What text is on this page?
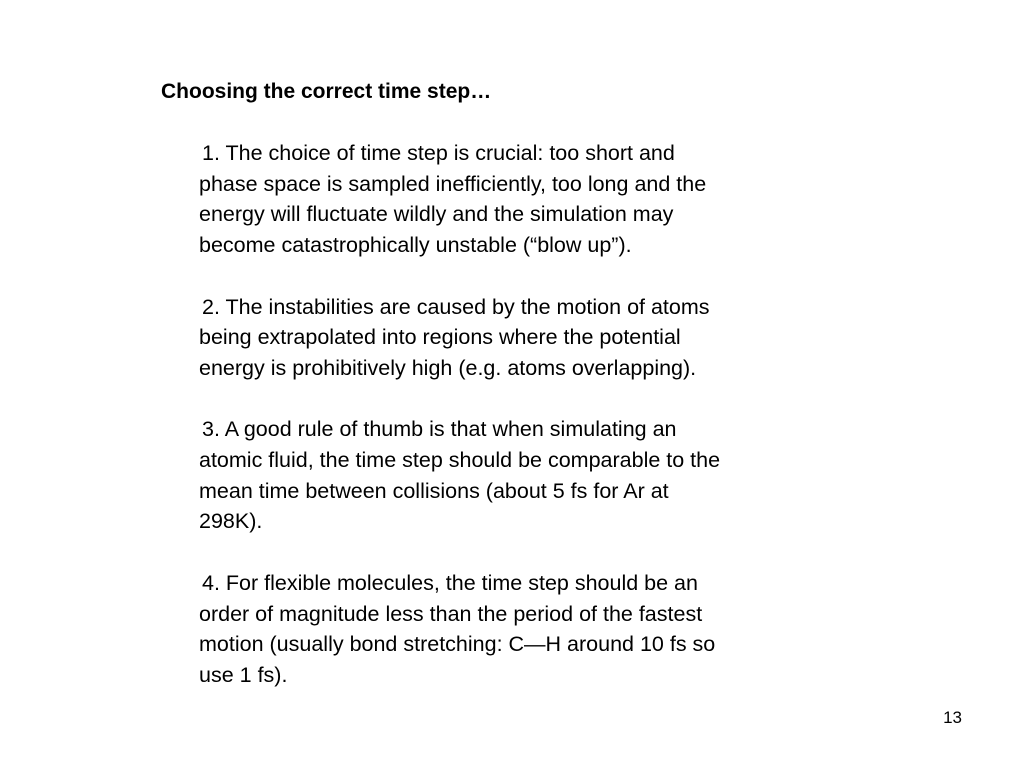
Choosing the correct time step…

1. The choice of time step is crucial: too short and
phase space is sampled inefficiently, too long and the
energy will fluctuate wildly and the simulation may
become catastrophically unstable (“blow up”).

2. The instabilities are caused by the motion of atoms
being extrapolated into regions where the potential
energy is prohibitively high (e.g. atoms overlapping).

3. A good rule of thumb is that when simulating an
atomic fluid, the time step should be comparable to the
mean time between collisions (about 5 fs for Ar at
298K).

4. For flexible molecules, the time step should be an
order of magnitude less than the period of the fastest
motion (usually bond stretching: C—H around 10 fs so
use 1 fs).

13
